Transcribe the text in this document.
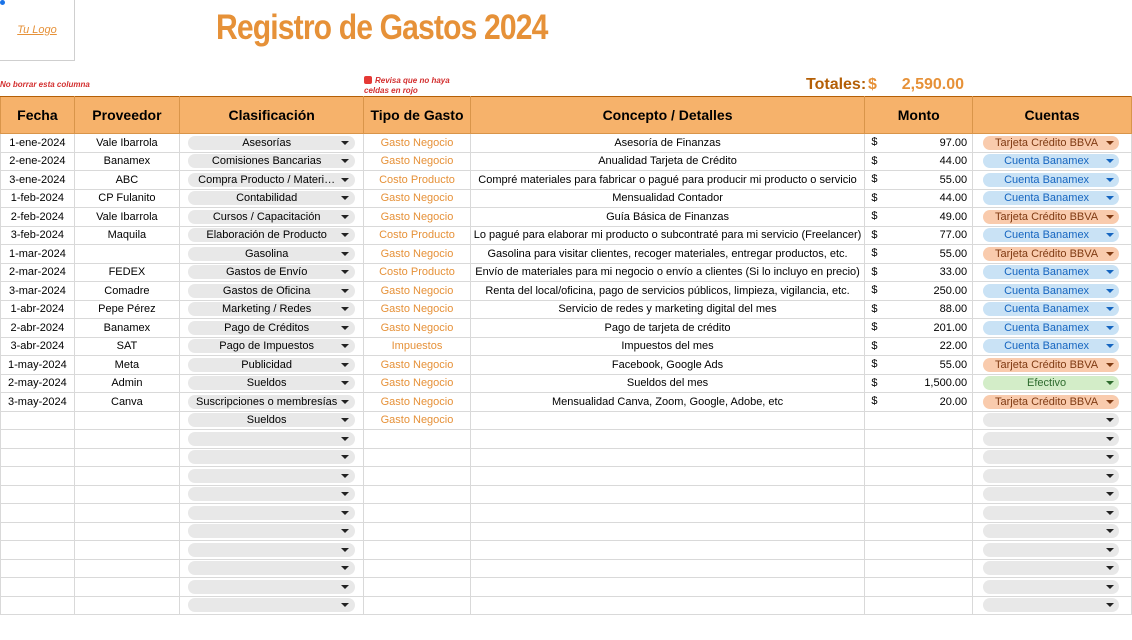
Tu Logo	Registro de Gastos 2024
No borrar esta columna	Revisa que no haya celdas en rojo	Totales: $	2,590.00
Fecha	Proveedor	Clasificación	Tipo de Gasto	Concepto / Detalles	Monto	Cuentas
1-ene-2024	Vale Ibarrola	Asesorías	Gasto Negocio	Asesoría de Finanzas	$ 97.00	Tarjeta Crédito BBVA

2-ene-2024	Banamex	Comisiones Bancarias	Gasto Negocio	Anualidad Tarjeta de Crédito	$ 44.00	Cuenta Banamex

3-ene-2024	ABC	Compra Producto / Materi…	Costo Producto	Compré materiales para fabricar o pagué para producir mi producto o servicio	$ 55.00	Cuenta Banamex

1-feb-2024	CP Fulanito	Contabilidad	Gasto Negocio	Mensualidad Contador	$ 44.00	Cuenta Banamex

2-feb-2024	Vale Ibarrola	Cursos / Capacitación	Gasto Negocio	Guía Básica de Finanzas	$ 49.00	Tarjeta Crédito BBVA

3-feb-2024	Maquila	Elaboración de Producto	Costo Producto	Lo pagué para elaborar mi producto o subcontraté para mi servicio (Freelancer)	$ 77.00	Cuenta Banamex

1-mar-2024		Gasolina	Gasto Negocio	Gasolina para visitar clientes, recoger materiales, entregar productos, etc.	$ 55.00	Tarjeta Crédito BBVA

2-mar-2024	FEDEX	Gastos de Envío	Costo Producto	Envío de materiales para mi negocio o envío a clientes (Si lo incluyo en precio)	$ 33.00	Cuenta Banamex

3-mar-2024	Comadre	Gastos de Oficina	Gasto Negocio	Renta del local/oficina, pago de servicios públicos, limpieza, vigilancia, etc.	$ 250.00	Cuenta Banamex

1-abr-2024	Pepe Pérez	Marketing / Redes	Gasto Negocio	Servicio de redes y marketing digital del mes	$ 88.00	Cuenta Banamex

2-abr-2024	Banamex	Pago de Créditos	Gasto Negocio	Pago de tarjeta de crédito	$ 201.00	Cuenta Banamex

3-abr-2024	SAT	Pago de Impuestos	Impuestos	Impuestos del mes	$ 22.00	Cuenta Banamex

1-may-2024	Meta	Publicidad	Gasto Negocio	Facebook, Google Ads	$ 55.00	Tarjeta Crédito BBVA

2-may-2024	Admin	Sueldos	Gasto Negocio	Sueldos del mes	$ 1,500.00	Efectivo

3-may-2024	Canva	Suscripciones o membresías	Gasto Negocio	Mensualidad Canva, Zoom, Google, Adobe, etc	$ 20.00	Tarjeta Crédito BBVA

		Sueldos	Gasto Negocio		
